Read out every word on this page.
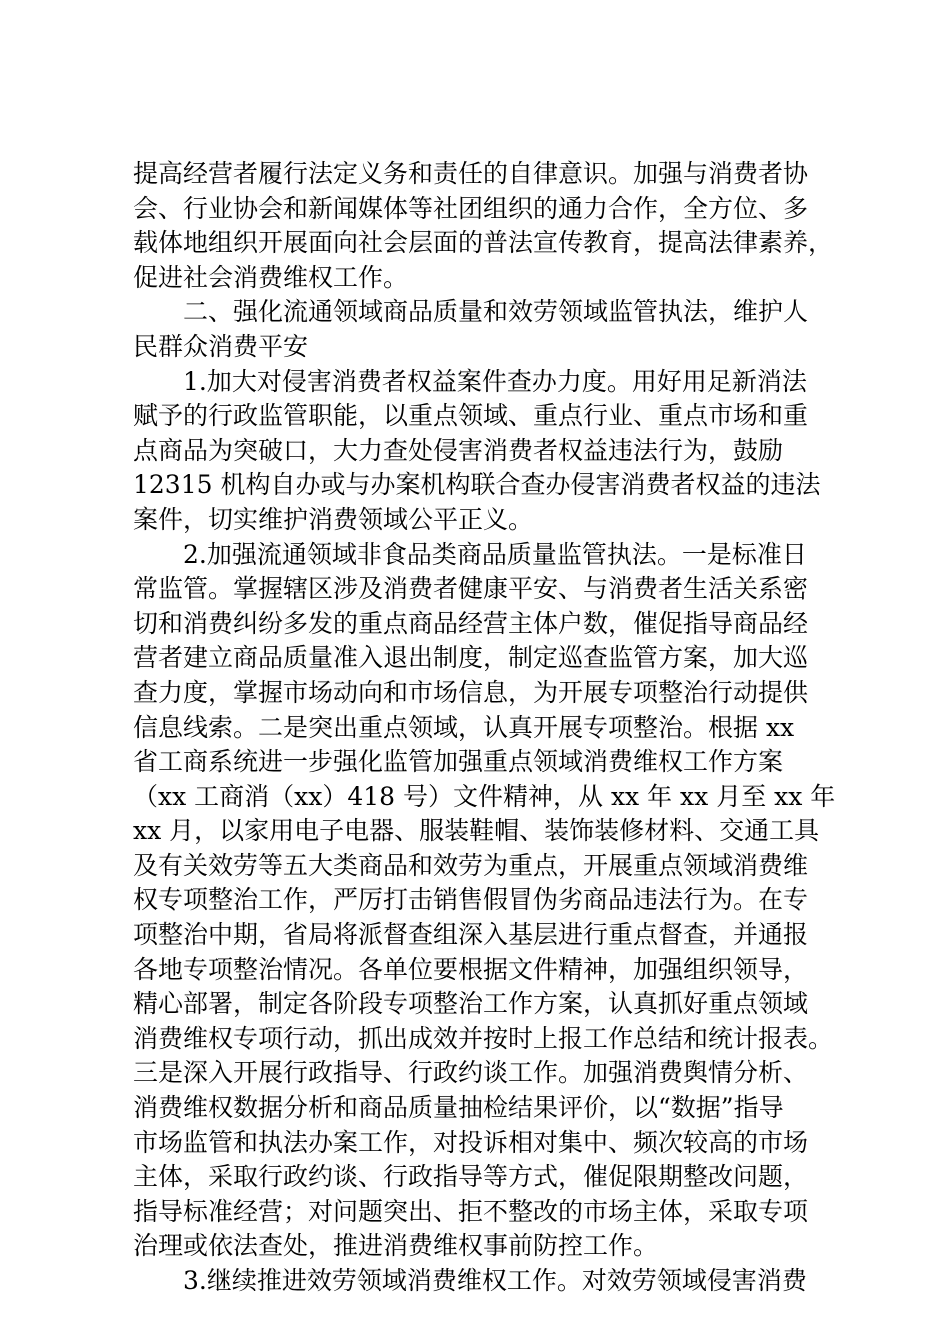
提高经营者履行法定义务和责任的自律意识。加强与消费者协
会、行业协会和新闻媒体等社团组织的通力合作，全方位、多
载体地组织开展面向社会层面的普法宣传教育，提高法律素养，
促进社会消费维权工作。
二、强化流通领域商品质量和效劳领域监管执法，维护人
民群众消费平安
1.加大对侵害消费者权益案件查办力度。用好用足新消法
赋予的行政监管职能，以重点领域、重点行业、重点市场和重
点商品为突破口，大力查处侵害消费者权益违法行为，鼓励
12315 机构自办或与办案机构联合查办侵害消费者权益的违法
案件，切实维护消费领域公平正义。
2.加强流通领域非食品类商品质量监管执法。一是标准日
常监管。掌握辖区涉及消费者健康平安、与消费者生活关系密
切和消费纠纷多发的重点商品经营主体户数，催促指导商品经
营者建立商品质量准入退出制度，制定巡查监管方案，加大巡
查力度，掌握市场动向和市场信息，为开展专项整治行动提供
信息线索。二是突出重点领域，认真开展专项整治。根据 xx
省工商系统进一步强化监管加强重点领域消费维权工作方案
（xx 工商消（xx）418 号）文件精神，从 xx 年 xx 月至 xx 年
xx 月，以家用电子电器、服装鞋帽、装饰装修材料、交通工具
及有关效劳等五大类商品和效劳为重点，开展重点领域消费维
权专项整治工作，严厉打击销售假冒伪劣商品违法行为。在专
项整治中期，省局将派督查组深入基层进行重点督查，并通报
各地专项整治情况。各单位要根据文件精神，加强组织领导，
精心部署，制定各阶段专项整治工作方案，认真抓好重点领域
消费维权专项行动，抓出成效并按时上报工作总结和统计报表。
三是深入开展行政指导、行政约谈工作。加强消费舆情分析、
消费维权数据分析和商品质量抽检结果评价，以“数据”指导
市场监管和执法办案工作，对投诉相对集中、频次较高的市场
主体，采取行政约谈、行政指导等方式，催促限期整改问题，
指导标准经营；对问题突出、拒不整改的市场主体，采取专项
治理或依法查处，推进消费维权事前防控工作。
3.继续推进效劳领域消费维权工作。对效劳领域侵害消费
